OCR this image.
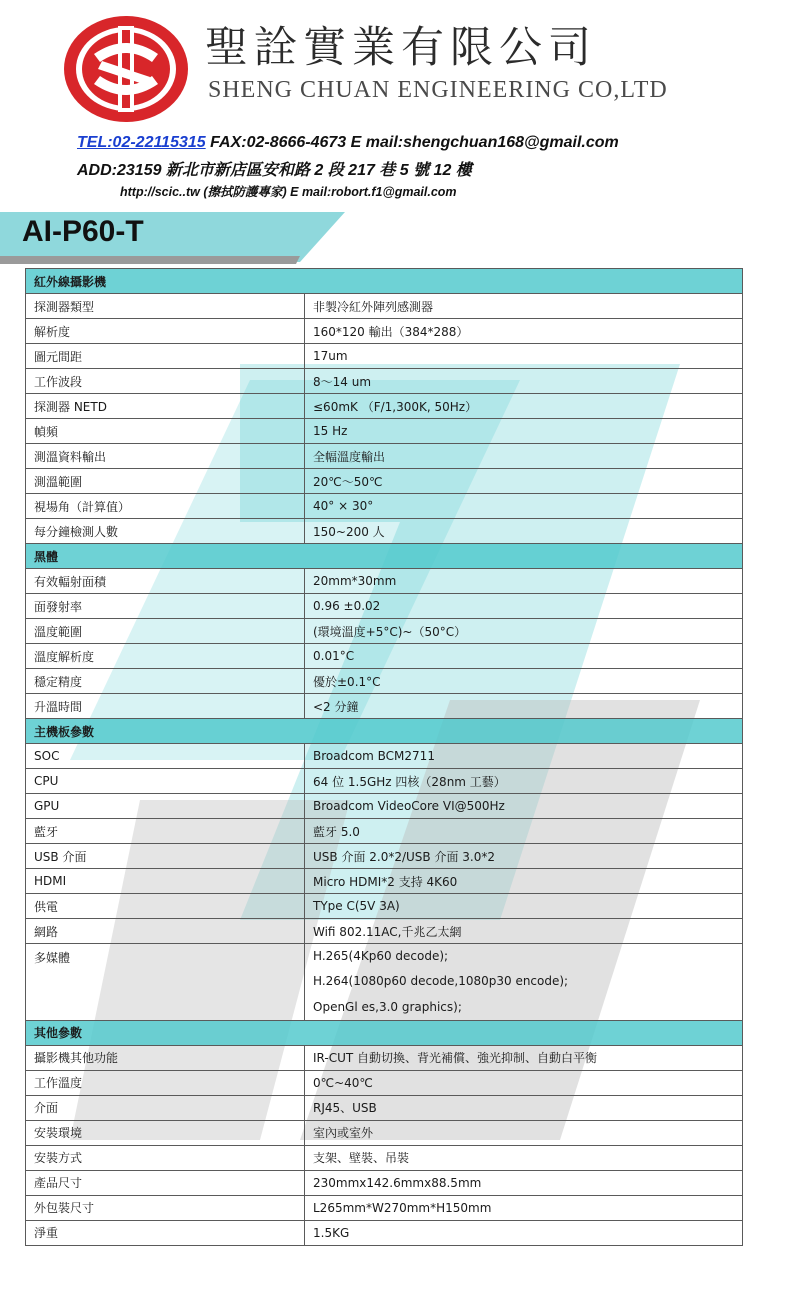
聖詮實業有限公司
SHENG CHUAN ENGINEERING CO,LTD
TEL:02-22115315 FAX:02-8666-4673 E mail:shengchuan168@gmail.com
ADD:23159 新北市新店區安和路 2 段 217 巷 5 號 12 樓
http://scic..tw (擦拭防護專家) E mail:robort.f1@gmail.com
AI-P60-T
紅外線攝影機	
探測器類型	非製冷紅外陣列感測器
解析度	160*120 輸出（384*288）
圖元間距	17um
工作波段	8～14 um
探測器 NETD	≤60mK （F/1,300K, 50Hz）
幀頻	15 Hz
測溫資料輸出	全幅溫度輸出
測溫範圍	20℃～50℃
視場角（計算值）	40° × 30°
每分鐘檢測人數	150~200 人
黑體	
有效輻射面積	20mm*30mm
面發射率	0.96 ±0.02
溫度範圍	(環境溫度+5°C)~（50°C）
溫度解析度	0.01°C
穩定精度	優於±0.1°C
升溫時間	<2 分鐘
主機板參數	
SOC	Broadcom BCM2711
CPU	64 位 1.5GHz 四核（28nm 工藝）
GPU	Broadcom VideoCore VI@500Hz
藍牙	藍牙 5.0
USB 介面	USB 介面 2.0*2/USB 介面 3.0*2
HDMI	Micro HDMI*2 支持 4K60
供電	TYpe C(5V 3A)
網路	Wifi 802.11AC,千兆乙太網
多媒體	H.265(4Kp60 decode);
H.264(1080p60 decode,1080p30 encode);
OpenGl es,3.0 graphics);

其他參數	
攝影機其他功能	IR-CUT 自動切換、背光補償、強光抑制、自動白平衡
工作溫度	0℃~40℃
介面	RJ45、USB
安裝環境	室內或室外
安裝方式	支架、壁裝、吊裝
產品尺寸	230mmx142.6mmx88.5mm
外包裝尺寸	L265mm*W270mm*H150mm
淨重	1.5KG
